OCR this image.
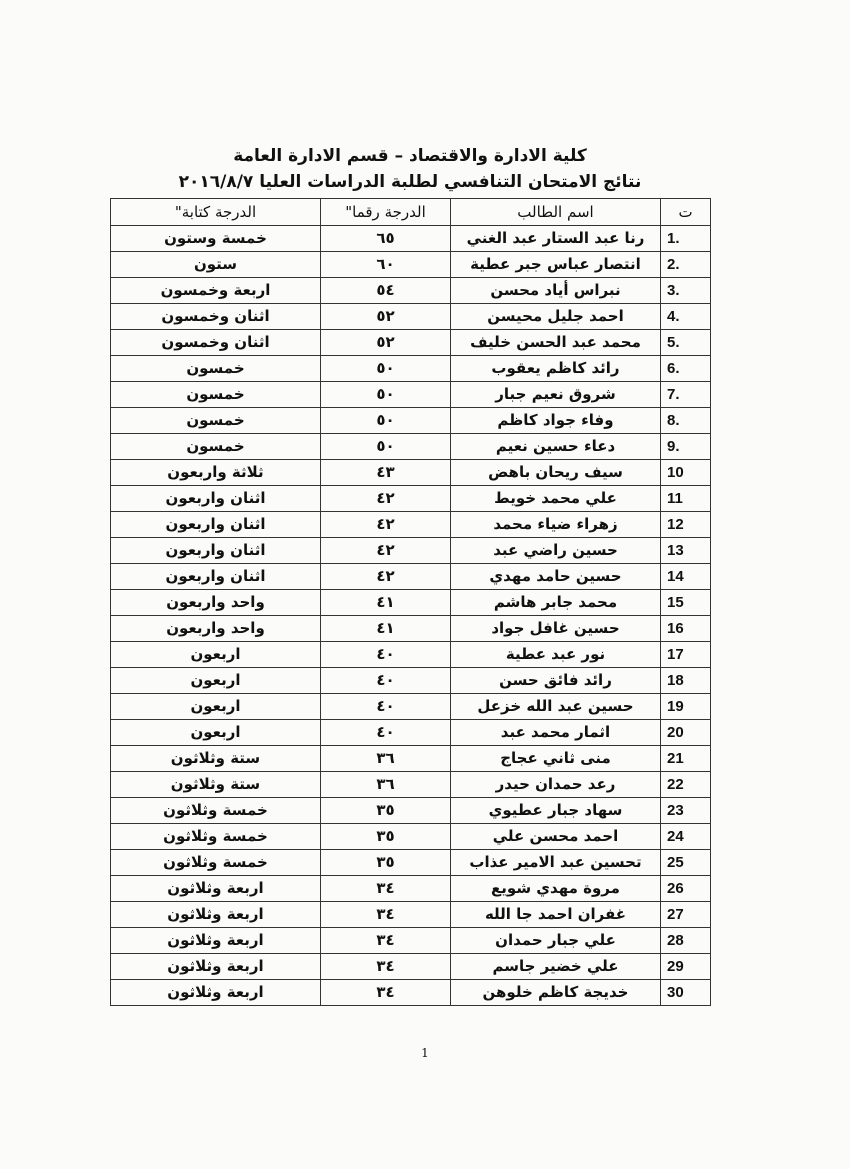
كلية الادارة والاقتصاد – قسم الادارة العامة
نتائج الامتحان التنافسي لطلبة الدراسات العليا ٢٠١٦/٨/٧
ت	اسم الطالب	الدرجة رقما"	الدرجة كتابة"
1.	رنا عبد الستار عبد الغني	٦٥	خمسة وستون
2.	انتصار عباس جبر عطية	٦٠	ستون
3.	نبراس أياد محسن	٥٤	اربعة وخمسون
4.	احمد جليل محيسن	٥٢	اثنان وخمسون
5.	محمد عبد الحسن خليف	٥٢	اثنان وخمسون
6.	رائد كاظم يعقوب	٥٠	خمسون
7.	شروق نعيم جبار	٥٠	خمسون
8.	وفاء جواد كاظم	٥٠	خمسون
9.	دعاء حسين نعيم	٥٠	خمسون
10	سيف ريحان باهض	٤٣	ثلاثة واربعون
11	علي محمد خويط	٤٢	اثنان واربعون
12	زهراء ضياء محمد	٤٢	اثنان واربعون
13	حسين راضي عبد	٤٢	اثنان واربعون
14	حسين حامد مهدي	٤٢	اثنان واربعون
15	محمد جابر هاشم	٤١	واحد واربعون
16	حسين غافل جواد	٤١	واحد واربعون
17	نور عبد عطية	٤٠	اربعون
18	رائد فائق حسن	٤٠	اربعون
19	حسين عبد الله خزعل	٤٠	اربعون
20	اثمار محمد عبد	٤٠	اربعون
21	منى ثاني عجاج	٣٦	ستة وثلاثون
22	رعد حمدان حيدر	٣٦	ستة وثلاثون
23	سهاد جبار عطيوي	٣٥	خمسة وثلاثون
24	احمد محسن علي	٣٥	خمسة وثلاثون
25	تحسين عبد الامير عذاب	٣٥	خمسة وثلاثون
26	مروة مهدي شويع	٣٤	اربعة وثلاثون
27	غفران احمد جا الله	٣٤	اربعة وثلاثون
28	علي جبار حمدان	٣٤	اربعة وثلاثون
29	علي خضير جاسم	٣٤	اربعة وثلاثون
30	خديجة كاظم خلوهن	٣٤	اربعة وثلاثون
1
